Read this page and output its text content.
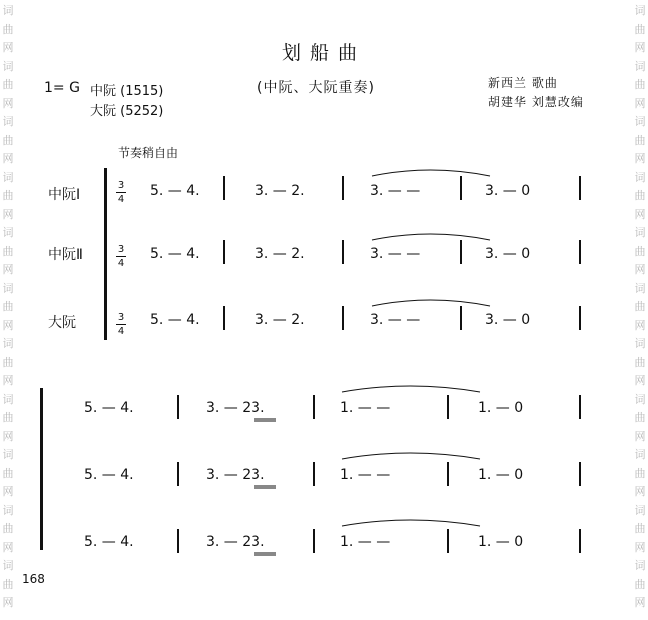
词
曲
网
词
曲
网
词
曲
网
词
曲
网
词
曲
网
词
曲
网
词
曲
网
词
曲
网
词
曲
网
词
曲
网
词
曲
网
词
曲
网
词
曲
网
词
曲
网
词
曲
网
词
曲
网
词
曲
网
词
曲
网
词
曲
网
词
曲
网
词
曲
网
词
曲
网
划船曲
(中阮、大阮重奏)
1= G 中阮 (1515)
大阮 (5252)
新西兰 歌曲
胡建华 刘慧改编
节奏稍自由
中阮Ⅰ
中阮Ⅱ
大阮
3
4
3
4
3
4
5. — 4.	3. — 2.	3. — —	3. — 0
5. — 4.	3. — 2.	3. — —	3. — 0
5. — 4.	3. — 2.	3. — —	3. — 0
5. — 4.	3. — 23.	1. — —	1. — 0
5. — 4.	3. — 23.	1. — —	1. — 0
5. — 4.	3. — 23.	1. — —	1. — 0
168
